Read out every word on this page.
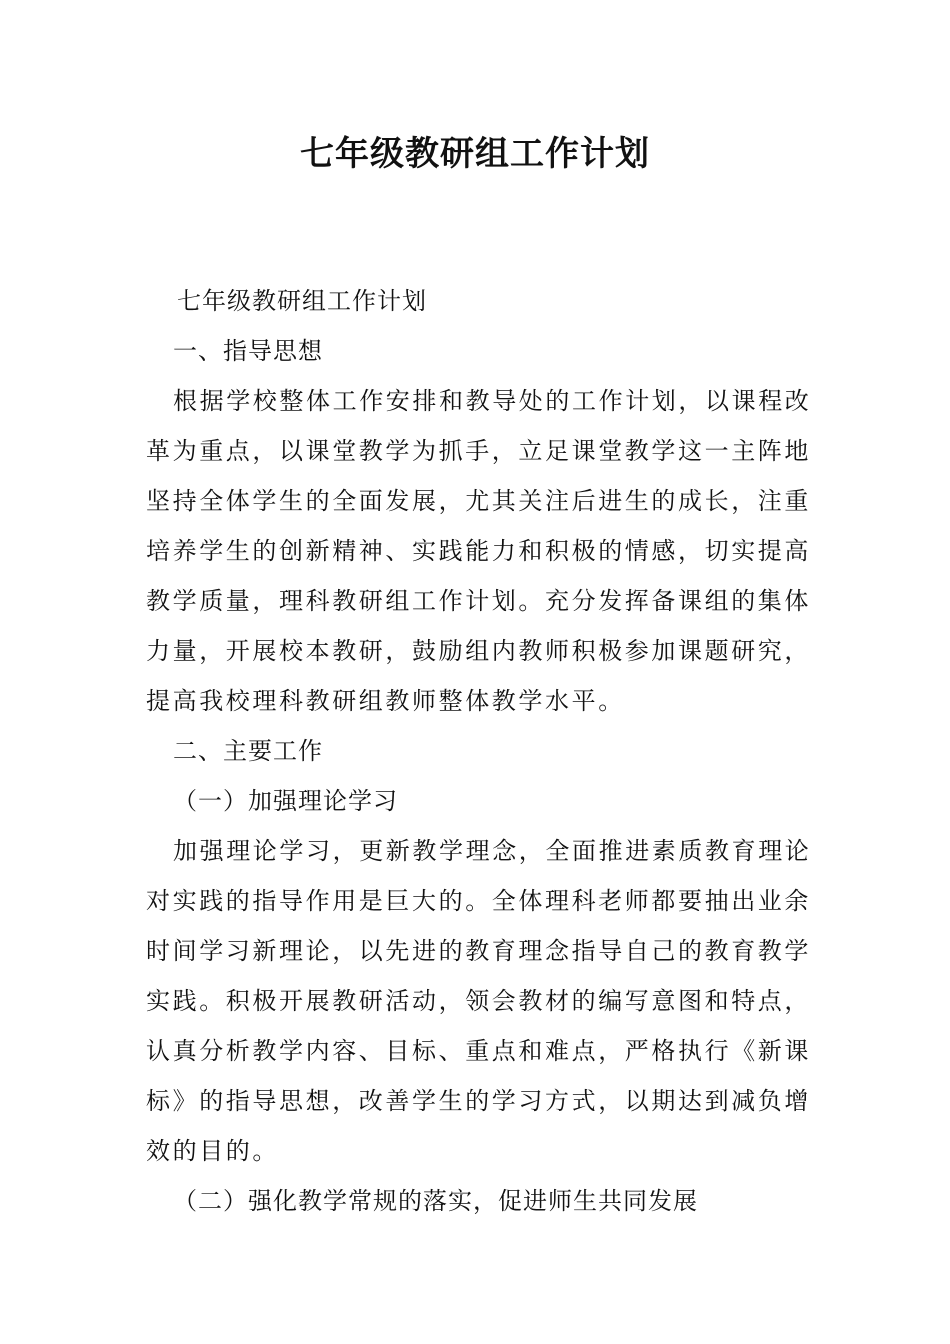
七年级教研组工作计划
七年级教研组工作计划
一、指导思想
根据学校整体工作安排和教导处的工作计划，以课程改
革为重点，以课堂教学为抓手，立足课堂教学这一主阵地
坚持全体学生的全面发展，尤其关注后进生的成长，注重
培养学生的创新精神、实践能力和积极的情感，切实提高
教学质量，理科教研组工作计划。充分发挥备课组的集体
力量，开展校本教研，鼓励组内教师积极参加课题研究，
提高我校理科教研组教师整体教学水平。
二、主要工作
（一）加强理论学习
加强理论学习，更新教学理念，全面推进素质教育理论
对实践的指导作用是巨大的。全体理科老师都要抽出业余
时间学习新理论，以先进的教育理念指导自己的教育教学
实践。积极开展教研活动，领会教材的编写意图和特点，
认真分析教学内容、目标、重点和难点，严格执行《新课
标》的指导思想，改善学生的学习方式，以期达到减负增
效的目的。
（二）强化教学常规的落实，促进师生共同发展
